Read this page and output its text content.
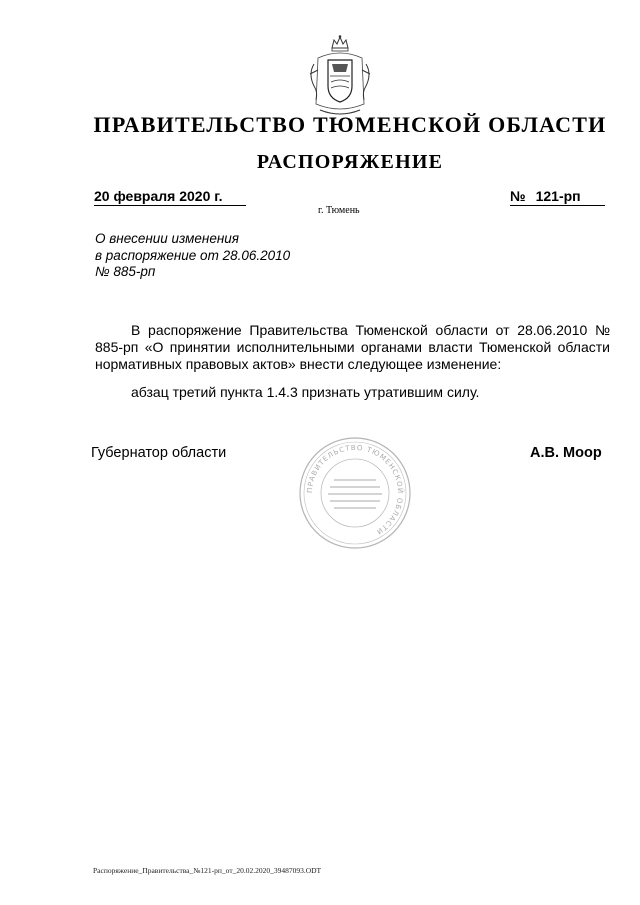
ПРАВИТЕЛЬСТВО ТЮМЕНСКОЙ ОБЛАСТИ
РАСПОРЯЖЕНИЕ
20 февраля 2020 г.	№ 121-рп
г. Тюмень
О внесении изменения
в распоряжение от 28.06.2010
№ 885-рп

В распоряжение Правительства Тюменской области от 28.06.2010 № 885-рп «О принятии исполнительными органами власти Тюменской области нормативных правовых актов» внести следующее изменение:

абзац третий пункта 1.4.3 признать утратившим силу.

Губернатор области	А.В. Моор
ПРАВИТЕЛЬСТВО ТЮМЕНСКОЙ ОБЛАСТИ
Распоряжение_Правительства_№121-рп_от_20.02.2020_39487093.ODT
